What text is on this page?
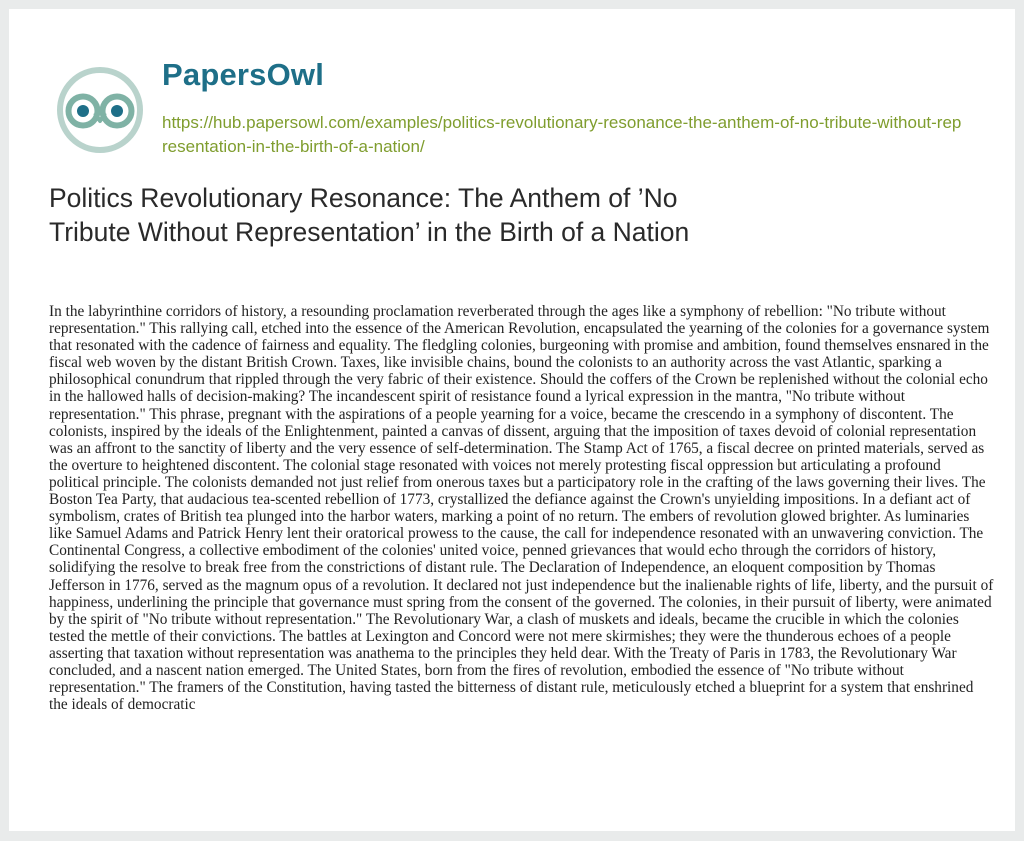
PapersOwl

https://hub.papersowl.com/examples/politics-revolutionary-resonance-the-anthem-of-no-tribute-without-representation-in-the-birth-of-a-nation/
Politics Revolutionary Resonance: The Anthem of ’No Tribute Without Representation’ in the Birth of a Nation

In the labyrinthine corridors of history, a resounding proclamation reverberated through the ages like a symphony of rebellion: "No tribute without representation." This rallying call, etched into the essence of the American Revolution, encapsulated the yearning of the colonies for a governance system that resonated with the cadence of fairness and equality. The fledgling colonies, burgeoning with promise and ambition, found themselves ensnared in the fiscal web woven by the distant British Crown. Taxes, like invisible chains, bound the colonists to an authority across the vast Atlantic, sparking a philosophical conundrum that rippled through the very fabric of their existence. Should the coffers of the Crown be replenished without the colonial echo in the hallowed halls of decision-making? The incandescent spirit of resistance found a lyrical expression in the mantra, "No tribute without representation." This phrase, pregnant with the aspirations of a people yearning for a voice, became the crescendo in a symphony of discontent. The colonists, inspired by the ideals of the Enlightenment, painted a canvas of dissent, arguing that the imposition of taxes devoid of colonial representation was an affront to the sanctity of liberty and the very essence of self-determination. The Stamp Act of 1765, a fiscal decree on printed materials, served as the overture to heightened discontent. The colonial stage resonated with voices not merely protesting fiscal oppression but articulating a profound political principle. The colonists demanded not just relief from onerous taxes but a participatory role in the crafting of the laws governing their lives. The Boston Tea Party, that audacious tea-scented rebellion of 1773, crystallized the defiance against the Crown's unyielding impositions. In a defiant act of symbolism, crates of British tea plunged into the harbor waters, marking a point of no return. The embers of revolution glowed brighter. As luminaries like Samuel Adams and Patrick Henry lent their oratorical prowess to the cause, the call for independence resonated with an unwavering conviction. The Continental Congress, a collective embodiment of the colonies' united voice, penned grievances that would echo through the corridors of history, solidifying the resolve to break free from the constrictions of distant rule. The Declaration of Independence, an eloquent composition by Thomas Jefferson in 1776, served as the magnum opus of a revolution. It declared not just independence but the inalienable rights of life, liberty, and the pursuit of happiness, underlining the principle that governance must spring from the consent of the governed. The colonies, in their pursuit of liberty, were animated by the spirit of "No tribute without representation." The Revolutionary War, a clash of muskets and ideals, became the crucible in which the colonies tested the mettle of their convictions. The battles at Lexington and Concord were not mere skirmishes; they were the thunderous echoes of a people asserting that taxation without representation was anathema to the principles they held dear. With the Treaty of Paris in 1783, the Revolutionary War concluded, and a nascent nation emerged. The United States, born from the fires of revolution, embodied the essence of "No tribute without representation." The framers of the Constitution, having tasted the bitterness of distant rule, meticulously etched a blueprint for a system that enshrined the ideals of democratic
